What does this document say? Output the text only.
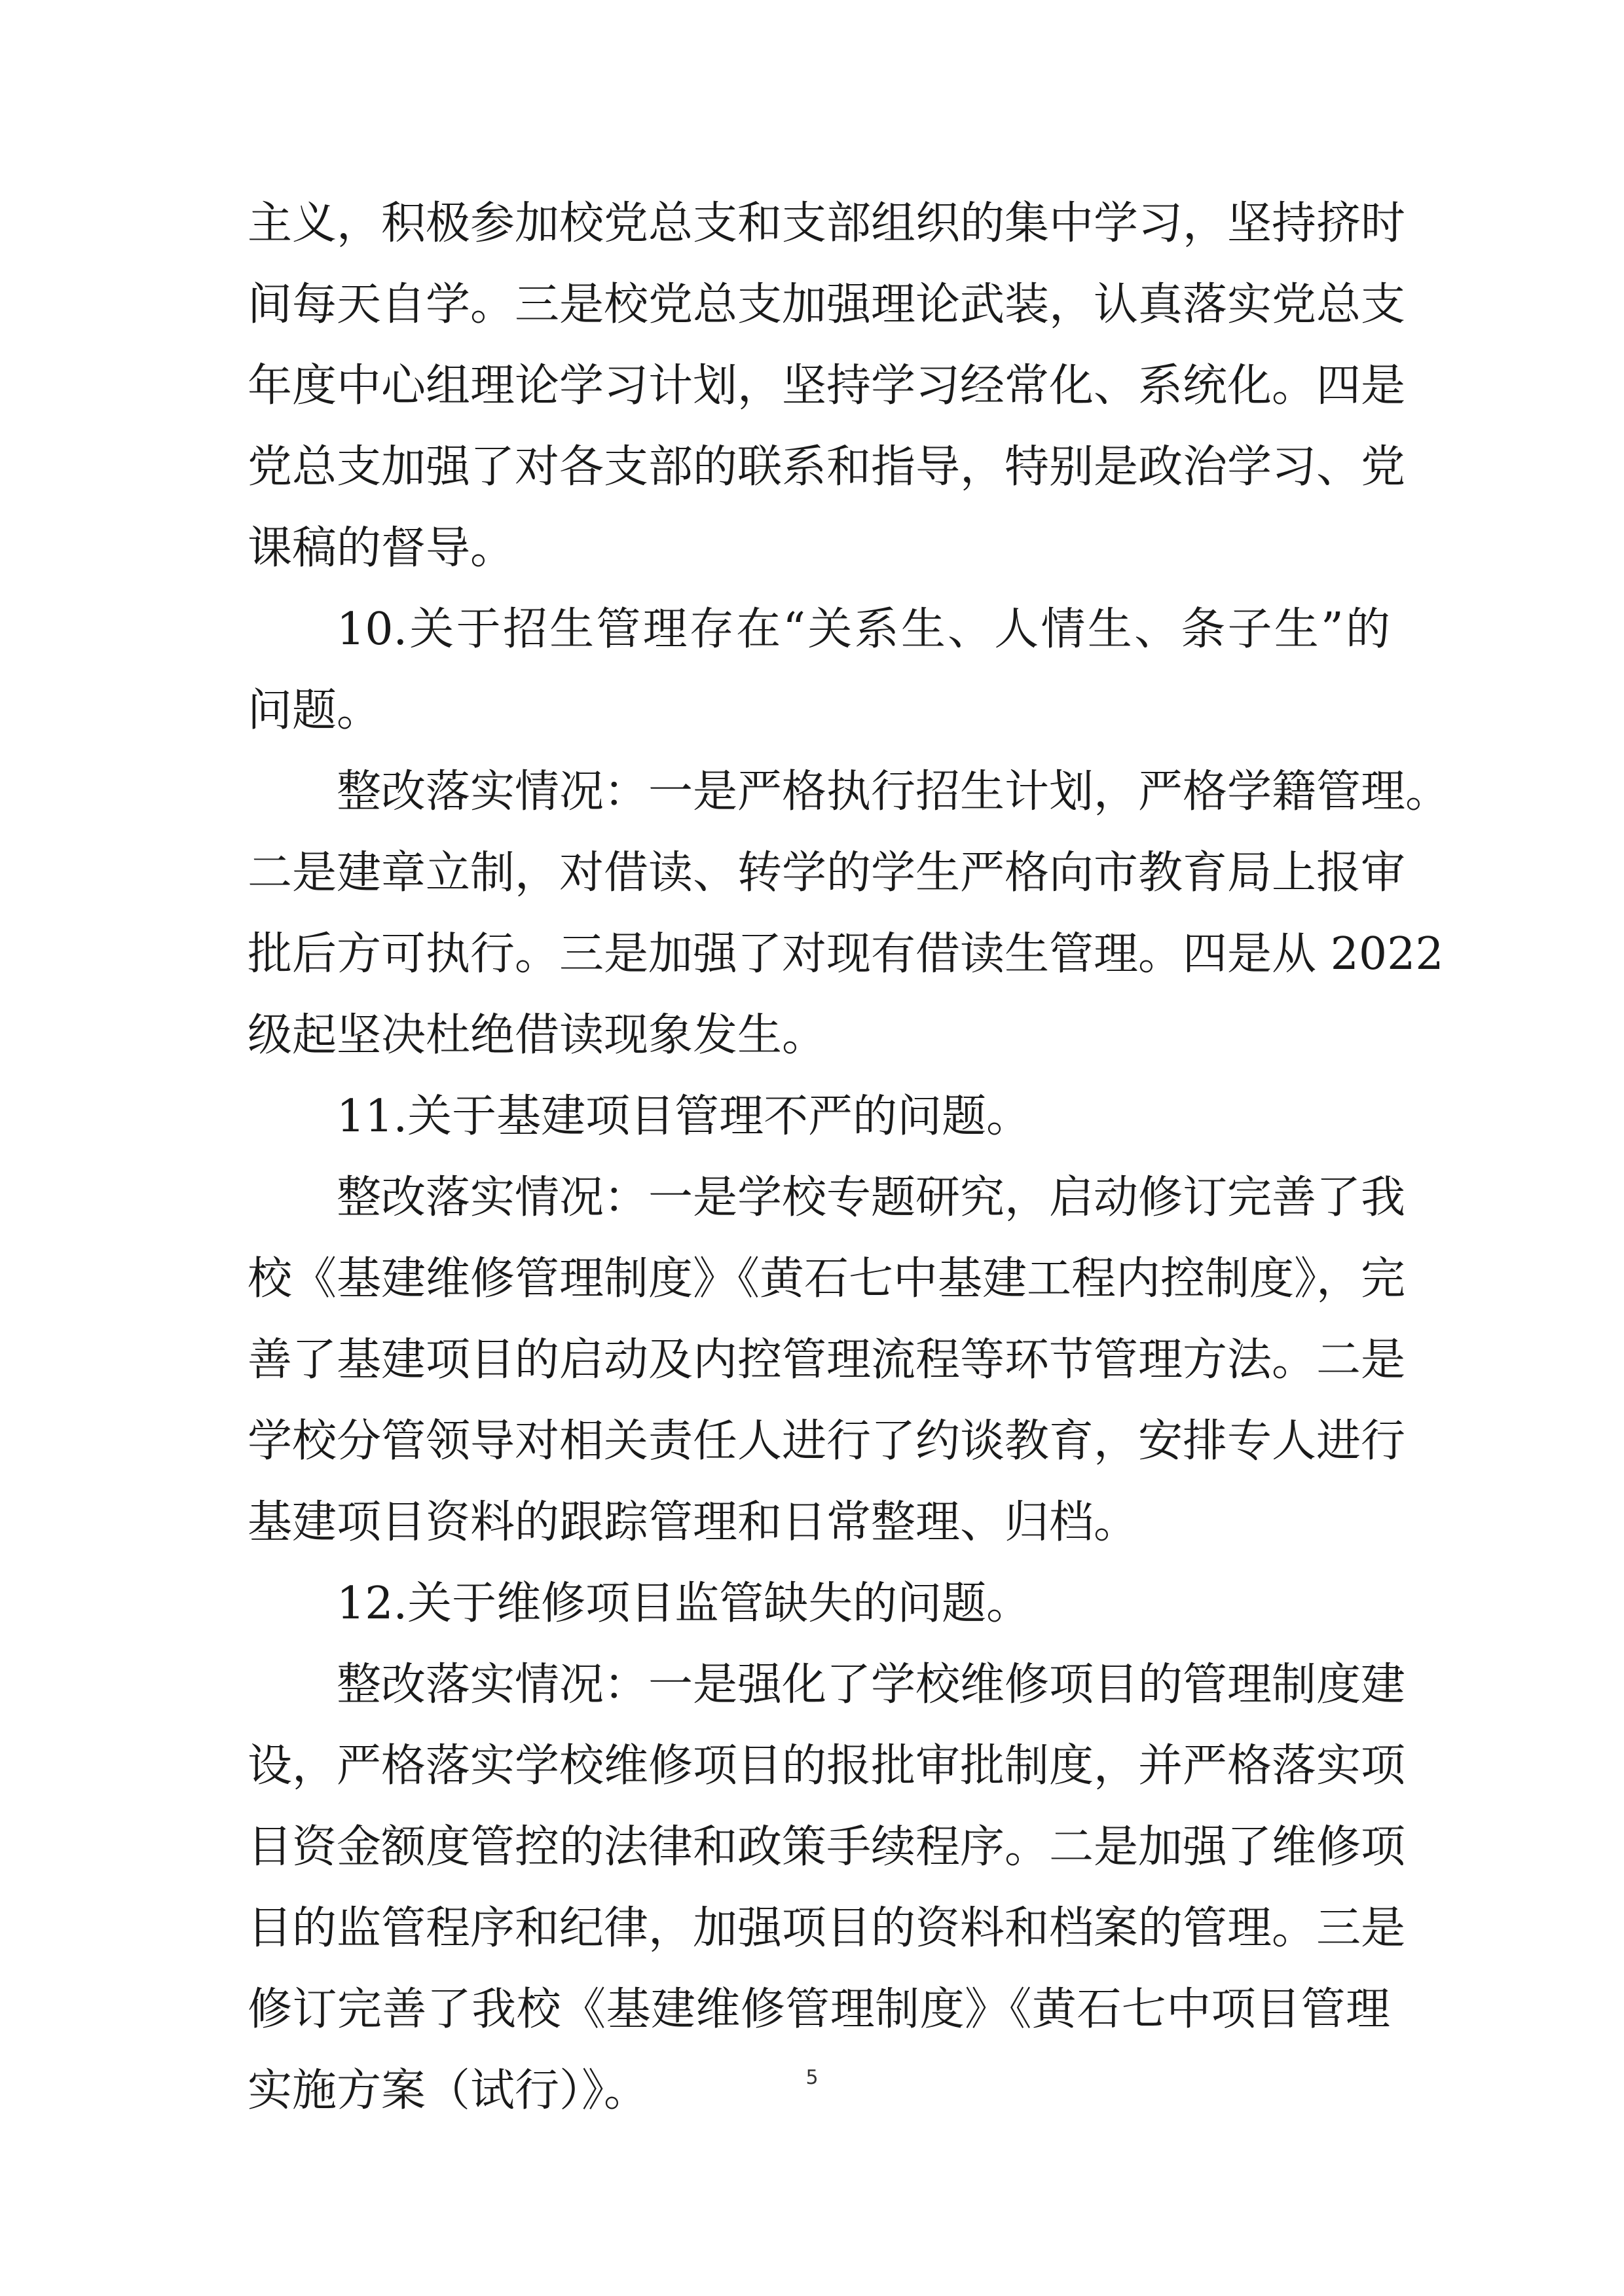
主义，积极参加校党总支和支部组织的集中学习，坚持挤时
间每天自学。三是校党总支加强理论武装，认真落实党总支
年度中心组理论学习计划，坚持学习经常化、系统化。四是
党总支加强了对各支部的联系和指导，特别是政治学习、党
课稿的督导。
10.关于招生管理存在“关系生、人情生、条子生”的
问题。
整改落实情况：一是严格执行招生计划，严格学籍管理。
二是建章立制，对借读、转学的学生严格向市教育局上报审
批后方可执行。三是加强了对现有借读生管理。四是从 2022
级起坚决杜绝借读现象发生。
11.关于基建项目管理不严的问题。
整改落实情况：一是学校专题研究，启动修订完善了我
校《基建维修管理制度》《黄石七中基建工程内控制度》，完
善了基建项目的启动及内控管理流程等环节管理方法。二是
学校分管领导对相关责任人进行了约谈教育，安排专人进行
基建项目资料的跟踪管理和日常整理、归档。
12.关于维修项目监管缺失的问题。
整改落实情况：一是强化了学校维修项目的管理制度建
设，严格落实学校维修项目的报批审批制度，并严格落实项
目资金额度管控的法律和政策手续程序。二是加强了维修项
目的监管程序和纪律，加强项目的资料和档案的管理。三是
修订完善了我校《基建维修管理制度》《黄石七中项目管理
实施方案（试行）》。	5
